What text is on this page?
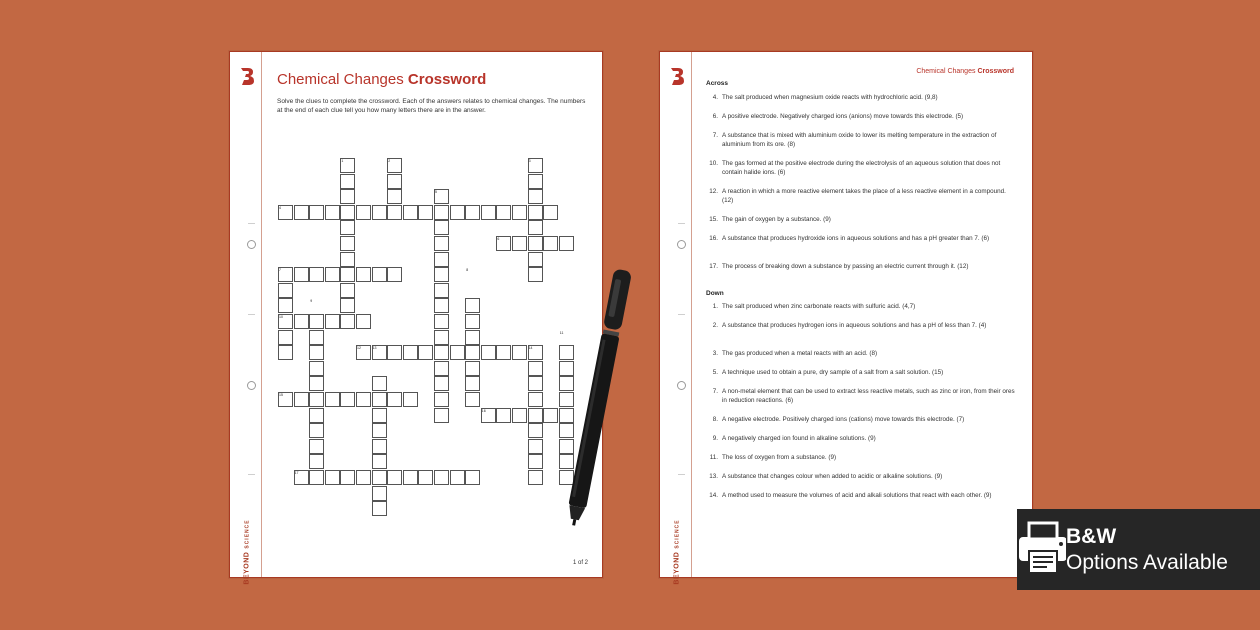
BEYONDSCIENCE
Chemical Changes Crossword

Solve the clues to complete the crossword. Each of the answers relates to chemical changes. The numbers at the end of each clue tell you how many letters there are in the answer.

1	2	3
4
5
6
7	8
9
10
11
12	13	14
15
16
17
1 of 2	BEYONDSCIENCE
Chemical Changes Crossword
Across
4. The salt produced when magnesium oxide reacts with hydrochloric acid. (9,8)
6. A positive electrode. Negatively charged ions (anions) move towards this electrode. (5)
7. A substance that is mixed with aluminium oxide to lower its melting temperature in the extraction of aluminium from its ore. (8)
10. The gas formed at the positive electrode during the electrolysis of an aqueous solution that does not contain halide ions. (6)
12. A reaction in which a more reactive element takes the place of a less reactive element in a compound. (12)
15. The gain of oxygen by a substance. (9)
16. A substance that produces hydroxide ions in aqueous solutions and has a pH greater than 7. (6)
17. The process of breaking down a substance by passing an electric current through it. (12)
Down
1. The salt produced when zinc carbonate reacts with sulfuric acid. (4,7)
2. A substance that produces hydrogen ions in aqueous solutions and has a pH of less than 7. (4)
3. The gas produced when a metal reacts with an acid. (8)
5. A technique used to obtain a pure, dry sample of a salt from a salt solution. (15)
7. A non-metal element that can be used to extract less reactive metals, such as zinc or iron, from their ores in reduction reactions. (6)
8. A negative electrode. Positively charged ions (cations) move towards this electrode. (7)
9. A negatively charged ion found in alkaline solutions. (9)
11. The loss of oxygen from a substance. (9)
13. A substance that changes colour when added to acidic or alkaline solutions. (9)
14. A method used to measure the volumes of acid and alkali solutions that react with each other. (9)
B&W
Options Available
